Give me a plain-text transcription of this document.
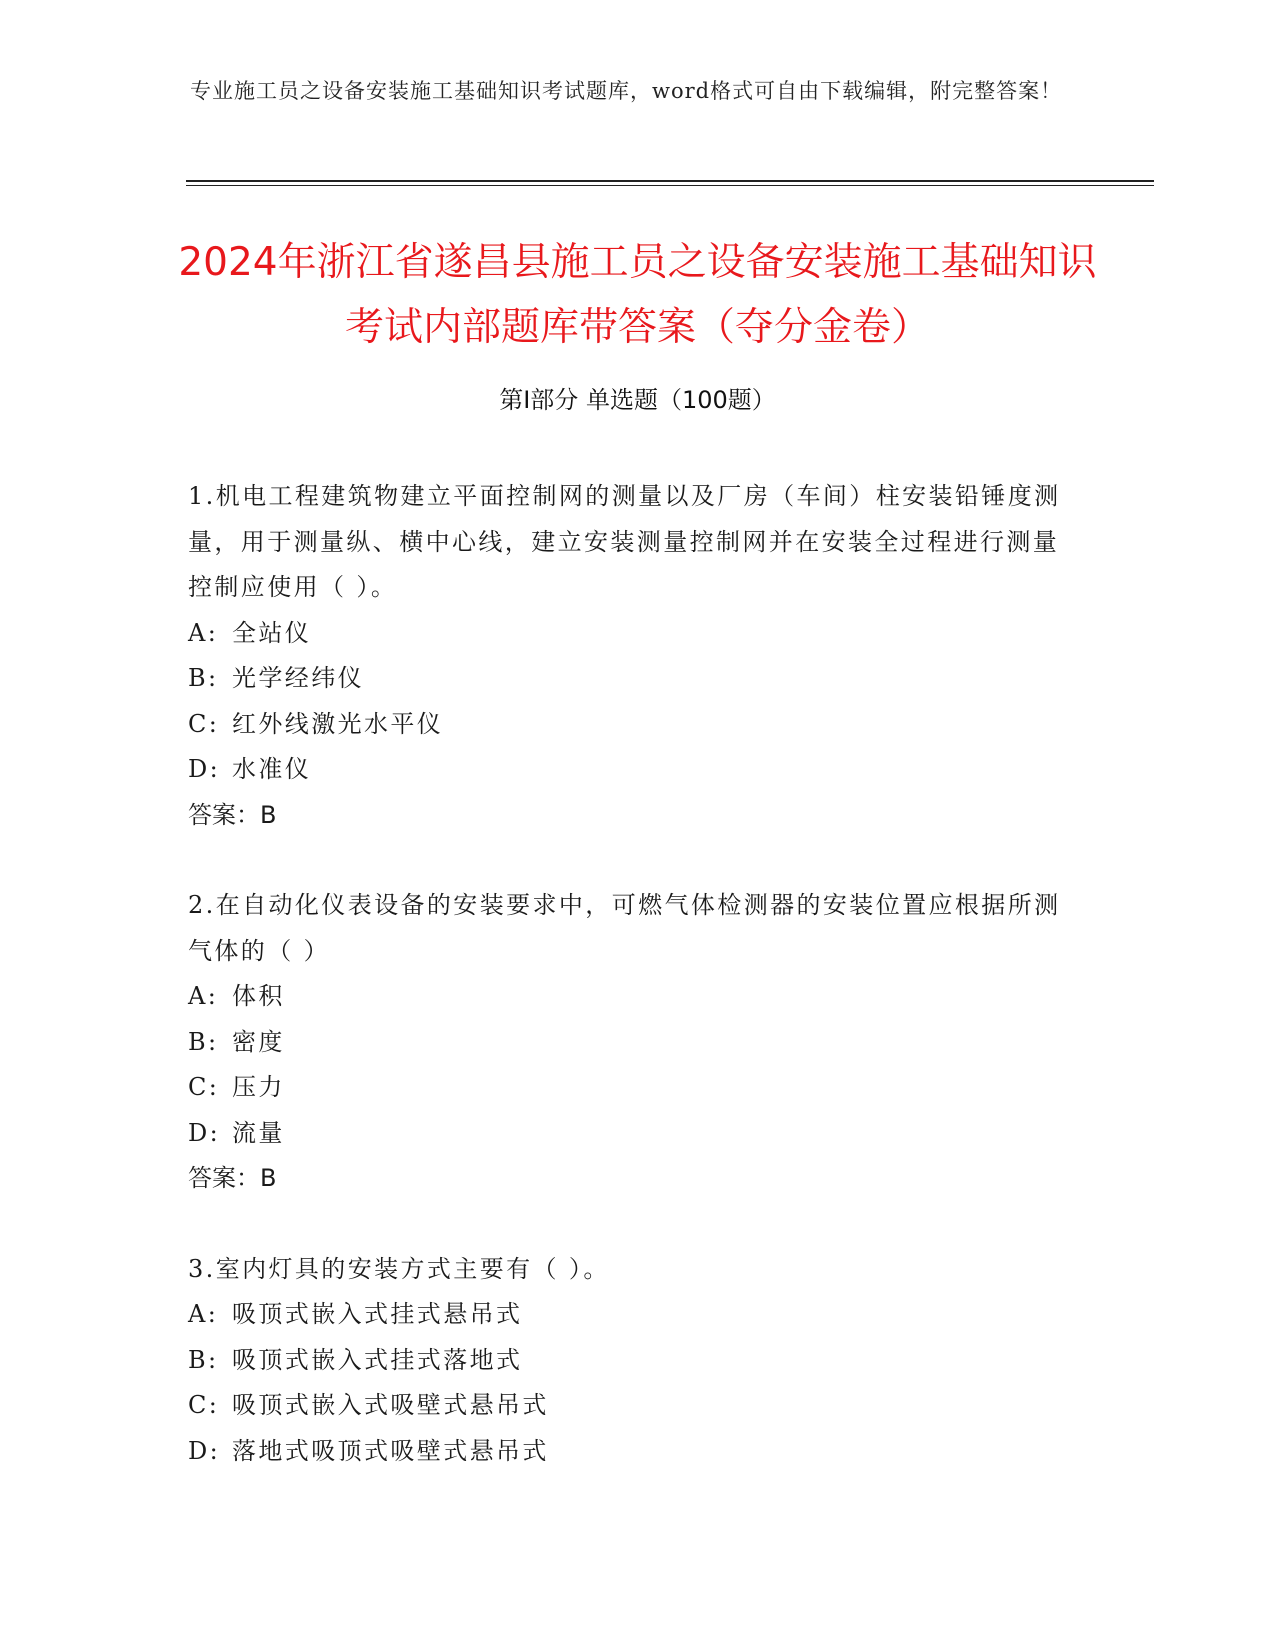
专业施工员之设备安装施工基础知识考试题库，word格式可自由下载编辑，附完整答案！
2024年浙江省遂昌县施工员之设备安装施工基础知识考试内部题库带答案（夺分金卷）
第Ⅰ部分 单选题（100题）

1.机电工程建筑物建立平面控制网的测量以及厂房（车间）柱安装铅锤度测量，用于测量纵、横中心线，建立安装测量控制网并在安装全过程进行测量控制应使用（ ）。

A: 全站仪

B: 光学经纬仪

C: 红外线激光水平仪

D: 水准仪

答案：B

2.在自动化仪表设备的安装要求中，可燃气体检测器的安装位置应根据所测气体的（ ）

A: 体积

B: 密度

C: 压力

D: 流量

答案：B

3.室内灯具的安装方式主要有（ ）。

A: 吸顶式嵌入式挂式悬吊式

B: 吸顶式嵌入式挂式落地式

C: 吸顶式嵌入式吸壁式悬吊式

D: 落地式吸顶式吸壁式悬吊式
